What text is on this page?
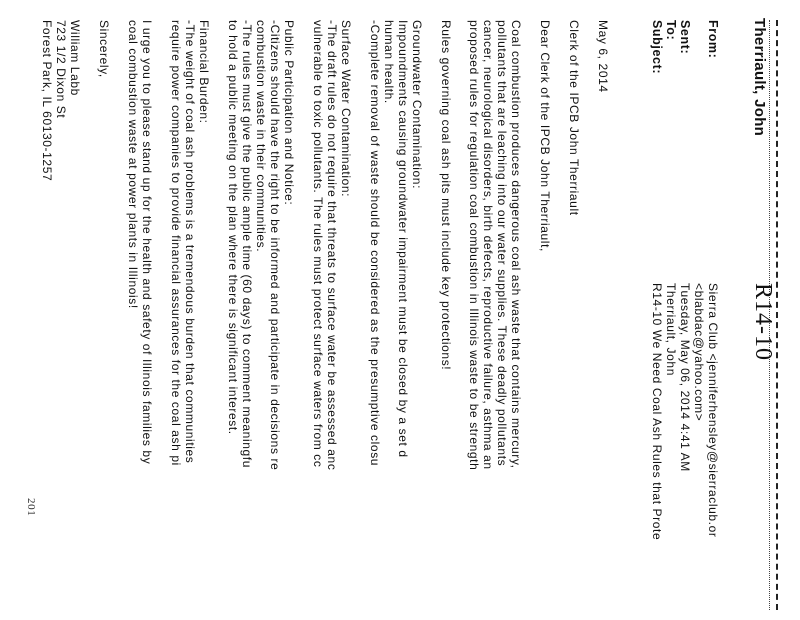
Therriault, John
R14-10
From:
Sierra Club <jenniferhensley@sierraclub.or
<blabdac@yahoo.com>
Sent:
Tuesday, May 06, 2014 4:41 AM
To:
Therriault, John
Subject:
R14-10 We Need Coal Ash Rules that Prote
May 6, 2014
Clerk of the IPCB John Therriault
Dear Clerk of the IPCB John Therriault,
Coal combustion produces dangerous coal ash waste that contains mercury,
pollutants that are leaching into our water supplies. These deadly pollutants
cancer, neurological disorders, birth defects, reproductive failure, asthma an
proposed rules for regulation coal combustion in Illinois waste to be strength
Rules governing coal ash pits must include key protections!
Groundwater Contamination:
Impoundments causing groundwater impairment must be closed by a set d
human health.
-Complete removal of waste should be considered as the presumptive closu
Surface Water Contamination:
-The draft rules do not require that threats to surface water be assessed anc
vulnerable to toxic pollutants. The rules must protect surface waters from cc
Public Participation and Notice:
-Citizens should have the right to be informed and participate in decisions re
combustion waste in their communities.
-The rules must give the public ample time (60 days) to comment meaningfu
to hold a public meeting on the plan where there is significant interest.
Financial Burden:
-The weight of coal ash problems is a tremendous burden that communities
require power companies to provide financial assurances for the coal ash pi
I urge you to please stand up for the health and safety of Illinois families by
coal combustion waste at power plants in Illinois!
Sincerely,
William Labb
723 1/2 Dixon St
Forest Park, IL 60130-1257
201
